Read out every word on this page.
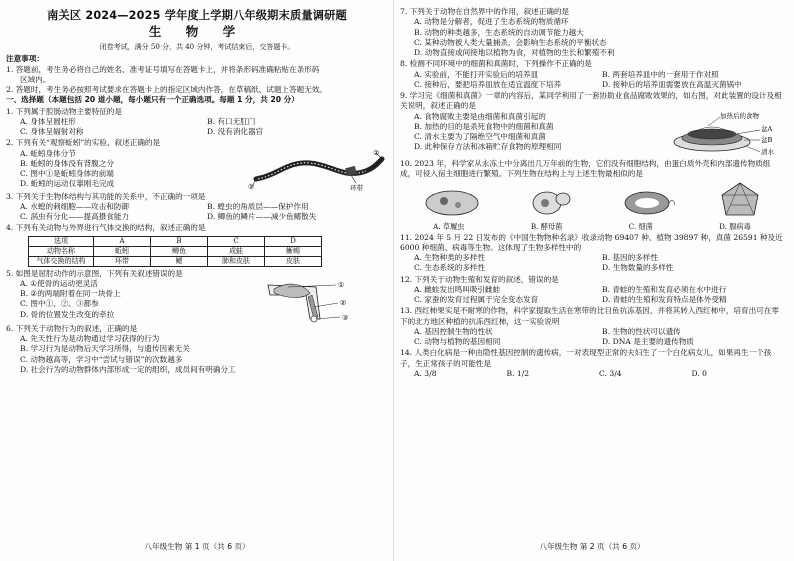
南关区 2024—2025 学年度上学期八年级期末质量调研题
生 物 学
闭卷考试，满分 50 分，共 40 分钟，考试结束后，交答题卡。
注意事项：
1. 答题前，考生务必将自己的姓名、准考证号填写在答题卡上，并将条形码准确粘贴在条形码
区域内。
2. 答题时，考生务必按照考试要求在答题卡上的指定区域内作答，在草稿纸、试题上答题无效。
一、选择题（本题包括 20 道小题，每小题只有一个正确选项。每题 1 分，共 20 分）
1. 下列属于腔肠动物主要特征的是
A. 身体呈圆柱形	B. 有口无肛门
C. 身体呈辐射对称	D. 没有消化器官
2. 下列有关“观察蚯蚓”的实验，叙述正确的是
A. 蚯蚓身体分节
B. 蚯蚓的身体没有背腹之分
C. 图中①是蚯蚓身体的前端
D. 蚯蚓的运动仅靠刚毛完成
②
①	环带
3. 下列关于生物体结构与其功能的关系中，不正确的一项是
A. 水螅的刺细胞——攻击和防御	B. 蝗虫的角质层——保护作用
C. 涡虫有分化——提高摄食能力	D. 鲫鱼的鳞片——减少鱼鳍散失
4. 下列有关动物与外界进行气体交换的结构，叙述正确的是
选项	A	B	C	D
动物名称	蚯蚓	鲫鱼	成蛙	蜥蜴
气体交换的结构	环带	鳃	肺和皮肤	皮肤
5. 如图是屈肘动作的示意图，下列有关叙述错误的是
A. ①使骨的运动更灵活
B. ②的两端附着在同一块骨上
C. 图中①、②、③都参
D. 骨的位置发生改变的牵拉
①
②
③
6. 下列关于动物行为的叙述，正确的是
A. 先天性行为是动物通过学习获得的行为
B. 学习行为是动物后天学习所得，与遗传因素无关
C. 动物越高等，学习中“尝试与错误”的次数越多
D. 社会行为的动物群体内部形成一定的组织，成员间有明确分工
八年级生物 第 1 页（共 6 页）
7. 下列关于动物在自然界中的作用，叙述正确的是
A. 动物是分解者，促进了生态系统的物质循环
B. 动物的种类越多，生态系统的自动调节能力越大
C. 某种动物被人类大量捕杀，会影响生态系统的平衡状态
D. 动物直接或间接地以植物为食，对植物的生长和繁殖不利
8. 检测不同环境中的细菌和真菌时，下列操作不正确的是
A. 实验前，不能打开实验后的培养皿	B. 两套培养皿中的一套用于作对照
C. 接种后，要把培养皿放在适宜温度下培养	D. 接种后的培养皿需要放在高温灭菌锅中
9. 学习完《细菌和真菌》一章的内容后，某同学利用了一套协助业食品腐败效果的，如右图，对此装置的设计及相关说明，叙述正确的是
A. 食物腐败主要是由细菌和真菌引起的
B. 加热的目的是杀死食物中的细菌和真菌
C. 清水主要为了隔绝空气中细菌和真菌
D. 此种保存方法和冰箱贮存食物的原理相同
加热后的食物
盆A
盆B
清水
10. 2023 年，科学家从永冻土中分离出几万年前的生物，它们没有细胞结构，由蛋白质外壳和内部遗传物质组成，可侵入宿主细胞进行繁殖。下列生物在结构上与上述生物最相似的是
A. 草履虫	B. 酵母菌	C. 细菌	D. 腺病毒
11. 2024 年 5 月 22 日发布的《中国生物物种名录》收录动物 69407 种、植物 39897 种，真菌 26591 种及近 6000 种细菌、病毒等生物。这体现了生物多样性中的
A. 生物种类的多样性	B. 基因的多样性
C. 生态系统的多样性	D. 生物数量的多样性
12. 下列关于动物生殖和发育的叙述，错误的是
A. 雌蛙发出鸣叫吸引雌蛙	B. 青蛙的生殖和发育必须在水中进行
C. 家蚕的发育过程属于完全变态发育	D. 青蛙的生殖和发育特点是体外受精
13. 西红柿果实是不耐寒的作物，科学家提取生活在寒带的比目鱼抗冻基因，并将其转入西红柿中，培育出可在零下的北方地区种植的抗冻西红柿，这一实验说明
A. 基因控制生物的性状	B. 生物的性状可以遗传
C. 动物与植物的基因相同	D. DNA 是主要的遗传物质
14. 人类白化病是一种由隐性基因控制的遗传病，一对表现型正常的夫妇生了一个白化病女儿，如果再生一个孩子，生正常孩子的可能性是
A. 3/8	B. 1/2	C. 3/4	D. 0
八年级生物 第 2 页（共 6 页）
